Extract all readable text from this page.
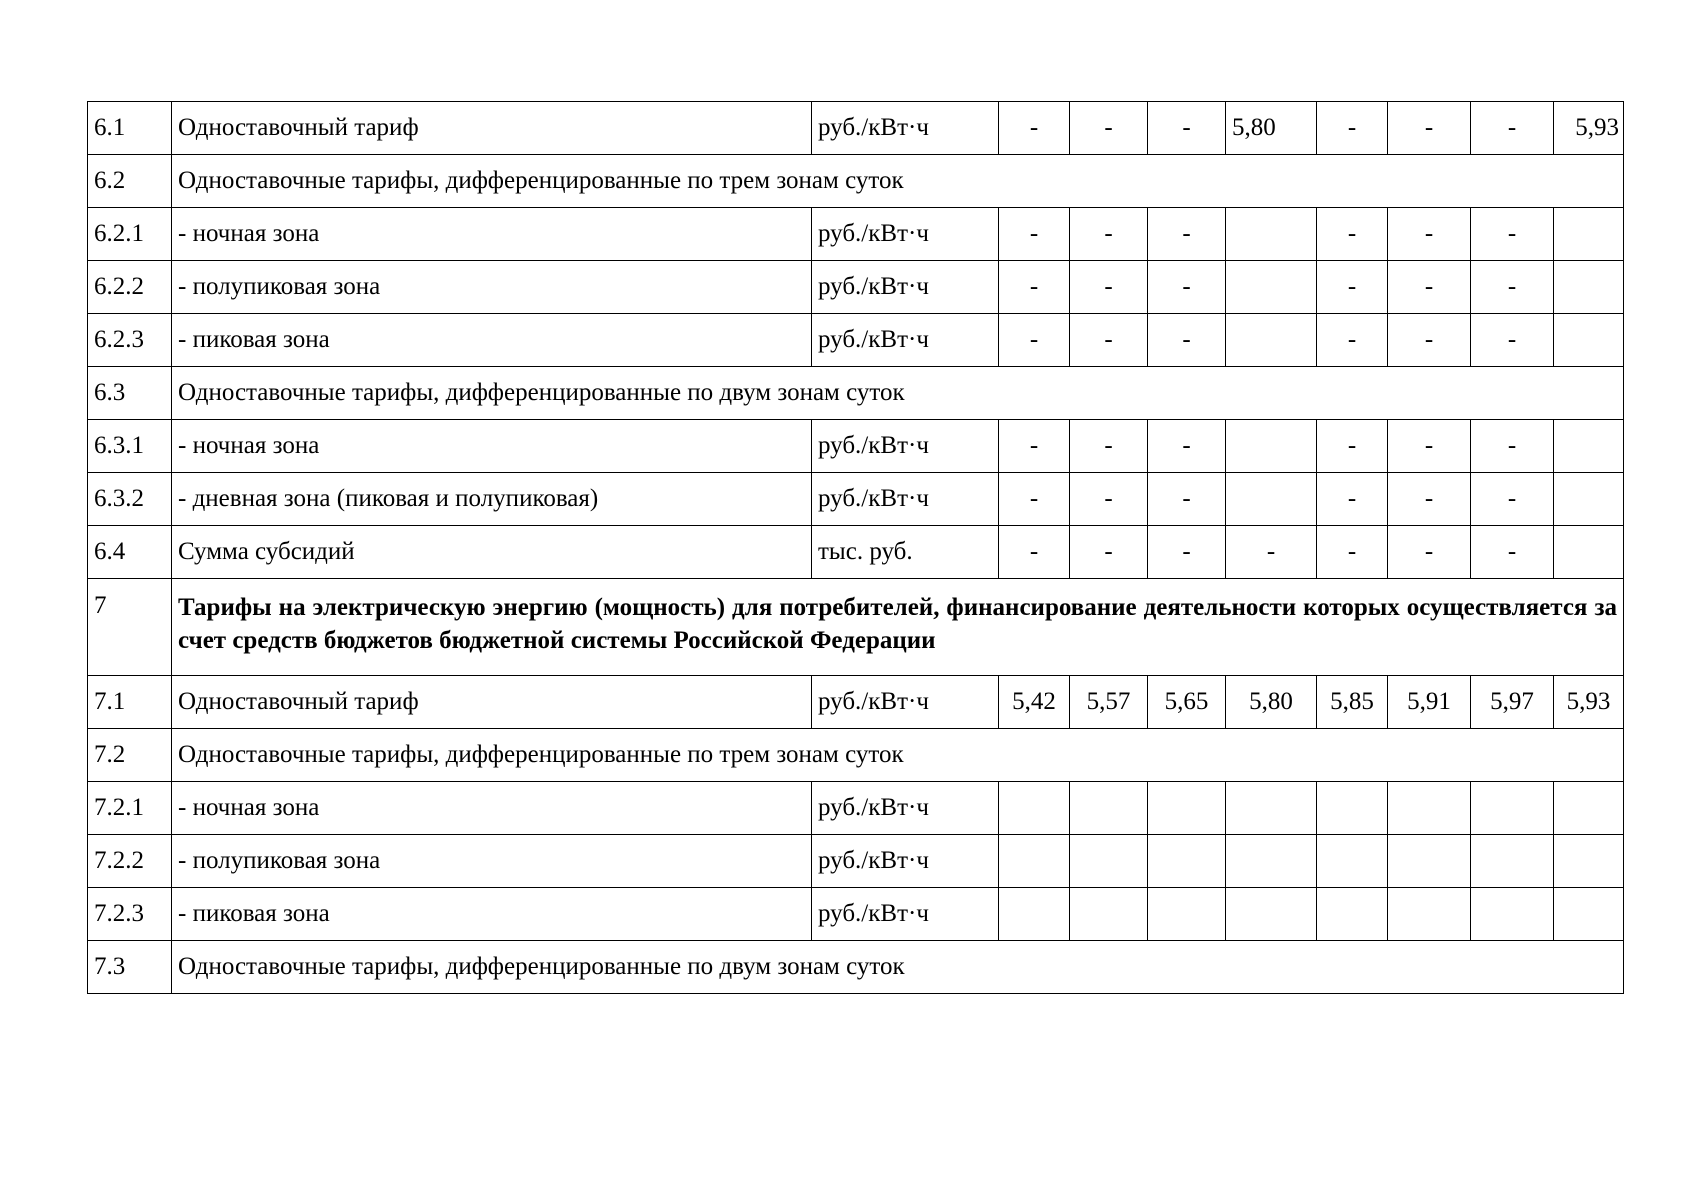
6.1	Одноставочный тариф	руб./кВт·ч	-	-	-	5,80	-	-	-	5,93
6.2	Одноставочные тарифы, дифференцированные по трем зонам суток									
6.2.1	- ночная зона	руб./кВт·ч	-	-	-		-	-	-	
6.2.2	- полупиковая зона	руб./кВт·ч	-	-	-		-	-	-	
6.2.3	- пиковая зона	руб./кВт·ч	-	-	-		-	-	-	
6.3	Одноставочные тарифы, дифференцированные по двум зонам суток									
6.3.1	- ночная зона	руб./кВт·ч	-	-	-		-	-	-	
6.3.2	- дневная зона (пиковая и полупиковая)	руб./кВт·ч	-	-	-		-	-	-	
6.4	Сумма субсидий	тыс. руб.	-	-	-	-	-	-	-	
7	Тарифы на электрическую энергию (мощность) для потребителей, финансирование деятельности которых осуществляется за счет средств бюджетов бюджетной системы Российской Федерации									
7.1	Одноставочный тариф	руб./кВт·ч	5,42	5,57	5,65	5,80	5,85	5,91	5,97	5,93
7.2	Одноставочные тарифы, дифференцированные по трем зонам суток									
7.2.1	- ночная зона	руб./кВт·ч								
7.2.2	- полупиковая зона	руб./кВт·ч								
7.2.3	- пиковая зона	руб./кВт·ч								
7.3	Одноставочные тарифы, дифференцированные по двум зонам суток									
